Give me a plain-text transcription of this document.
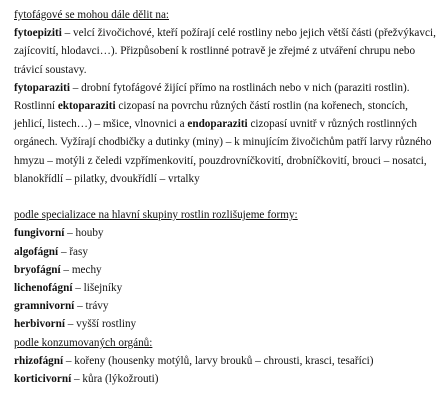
fytofágové se mohou dále dělit na:

fytoepiziti – velcí živočichové, kteří požírají celé rostliny nebo jejich větší části (přežvýkavci,

zajícovití, hlodavci…). Přizpůsobení k rostlinné potravě je zřejmé z utváření chrupu nebo

trávicí soustavy.

fytoparaziti – drobní fytofágové žijící přímo na rostlinách nebo v nich (paraziti rostlin).

Rostlinní ektoparaziti cizopasí na povrchu různých částí rostlin (na kořenech, stoncích,

jehlicí, listech…) – mšice, vlnovnici a endoparaziti cizopasí uvnitř v různých rostlinných

orgánech. Vyžírají chodbičky a dutinky (miny) – k minujícím živočichům patří larvy různého

hmyzu – motýli z čeledi vzpřímenkovití, pouzdrovníčkovití, drobníčkovití, brouci – nosatci,

blanokřídlí – pilatky, dvoukřídlí – vrtalky

podle specializace na hlavní skupiny rostlin rozlišujeme formy:

fungivorní – houby

algofágní – řasy

bryofágní – mechy

lichenofágní – lišejníky

gramnivorní – trávy

herbivorní – vyšší rostliny

podle konzumovaných orgánů:

rhizofágní – kořeny (housenky motýlů, larvy brouků – chrousti, krasci, tesaříci)

korticivorní – kůra (lýkožrouti)
